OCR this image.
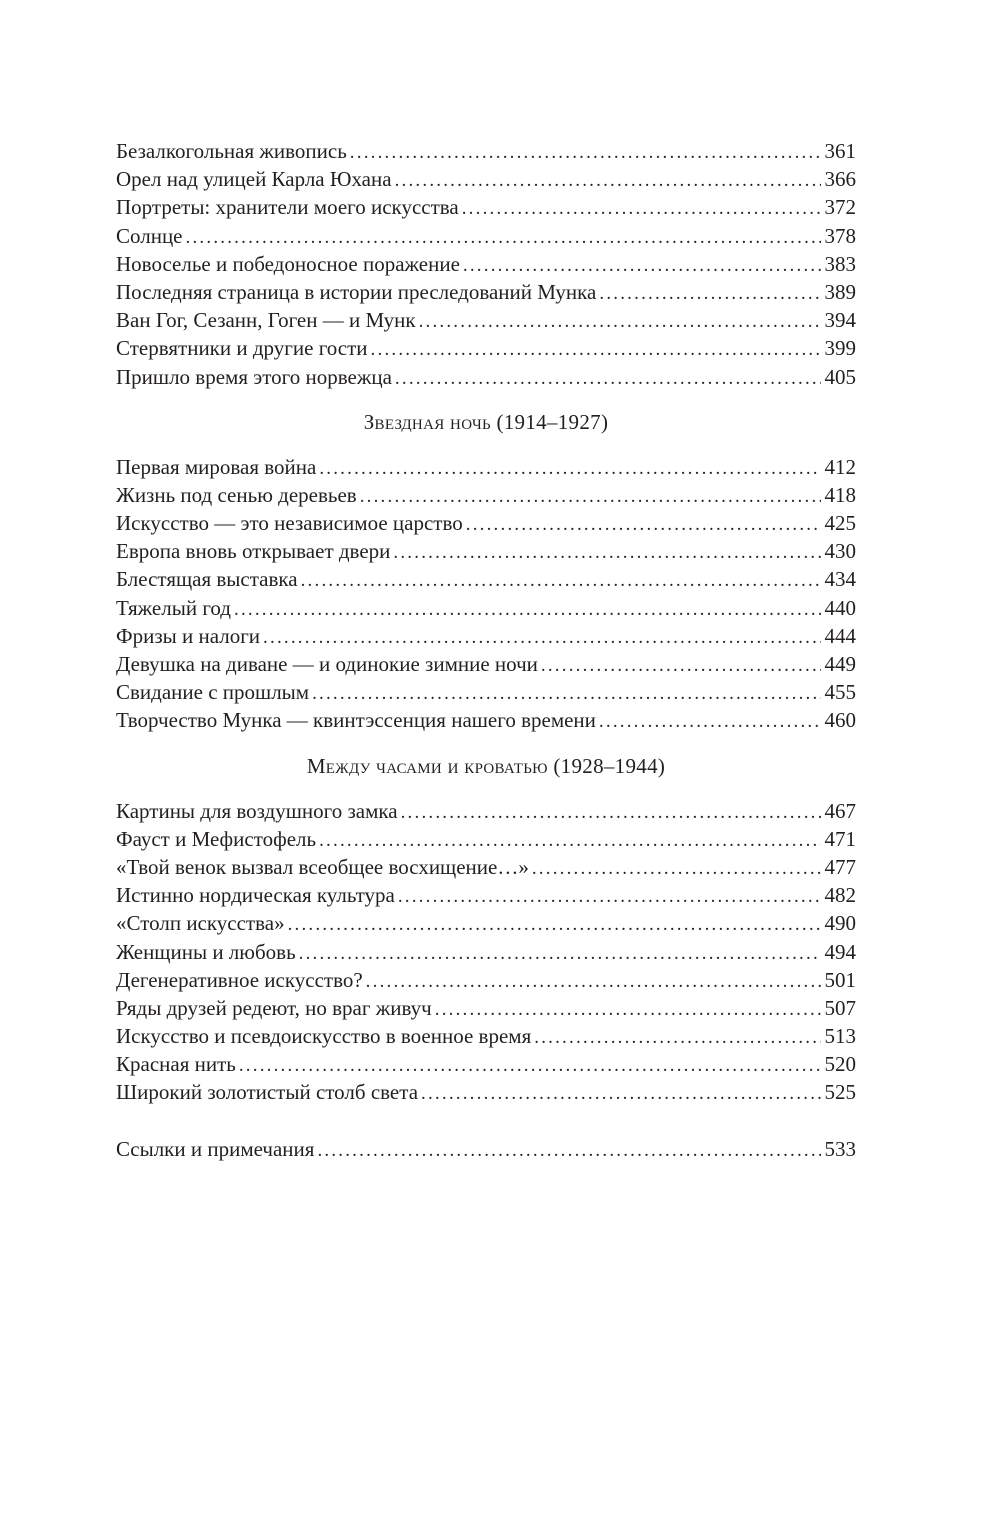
Безалкогольная живопись .....	361
Орел над улицей Карла Юхана .....	366
Портреты: хранители моего искусства .....	372
Солнце .....	378
Новоселье и победоносное поражение .....	383
Последняя страница в истории преследований Мунка .....	389
Ван Гог, Сезанн, Гоген — и Мунк .....	394
Стервятники и другие гости .....	399
Пришло время этого норвежца .....	405
Звездная ночь (1914–1927)
Первая мировая война .....	412
Жизнь под сенью деревьев .....	418
Искусство — это независимое царство .....	425
Европа вновь открывает двери .....	430
Блестящая выставка .....	434
Тяжелый год .....	440
Фризы и налоги .....	444
Девушка на диване — и одинокие зимние ночи .....	449
Свидание с прошлым .....	455
Творчество Мунка — квинтэссенция нашего времени .....	460
Между часами и кроватью (1928–1944)
Картины для воздушного замка .....	467
Фауст и Мефистофель .....	471
«Твой венок вызвал всеобщее восхищение…» .....	477
Истинно нордическая культура .....	482
«Столп искусства» .....	490
Женщины и любовь .....	494
Дегенеративное искусство? .....	501
Ряды друзей редеют, но враг живуч .....	507
Искусство и псевдоискусство в военное время .....	513
Красная нить .....	520
Широкий золотистый столб света .....	525
Ссылки и примечания .....	533
